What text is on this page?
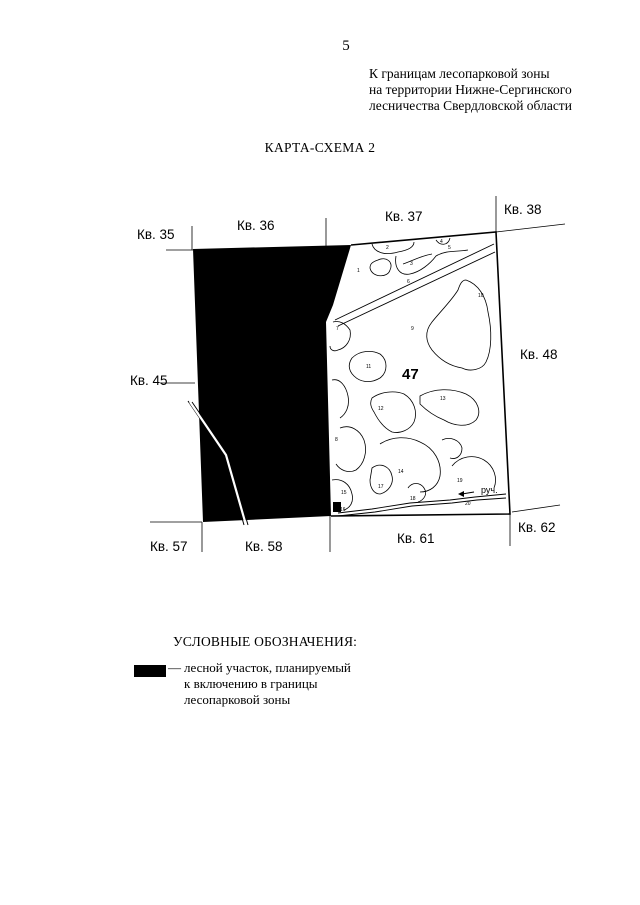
5
К границам лесопарковой зоны
на территории Нижне-Сергинского
лесничества Свердловской области
КАРТА-СХЕМА 2
1
2
3
4
5
6
7
8
9
10
11
12
13
14
15
16
17
18
19
20
47
руч.
Кв. 35
Кв. 36
Кв. 37	Кв. 38
Кв. 45
Кв. 48
Кв. 57	Кв. 58
Кв. 61
Кв. 62
УСЛОВНЫЕ ОБОЗНАЧЕНИЯ:
— лесной участок, планируемый
к включению в границы
лесопарковой зоны
